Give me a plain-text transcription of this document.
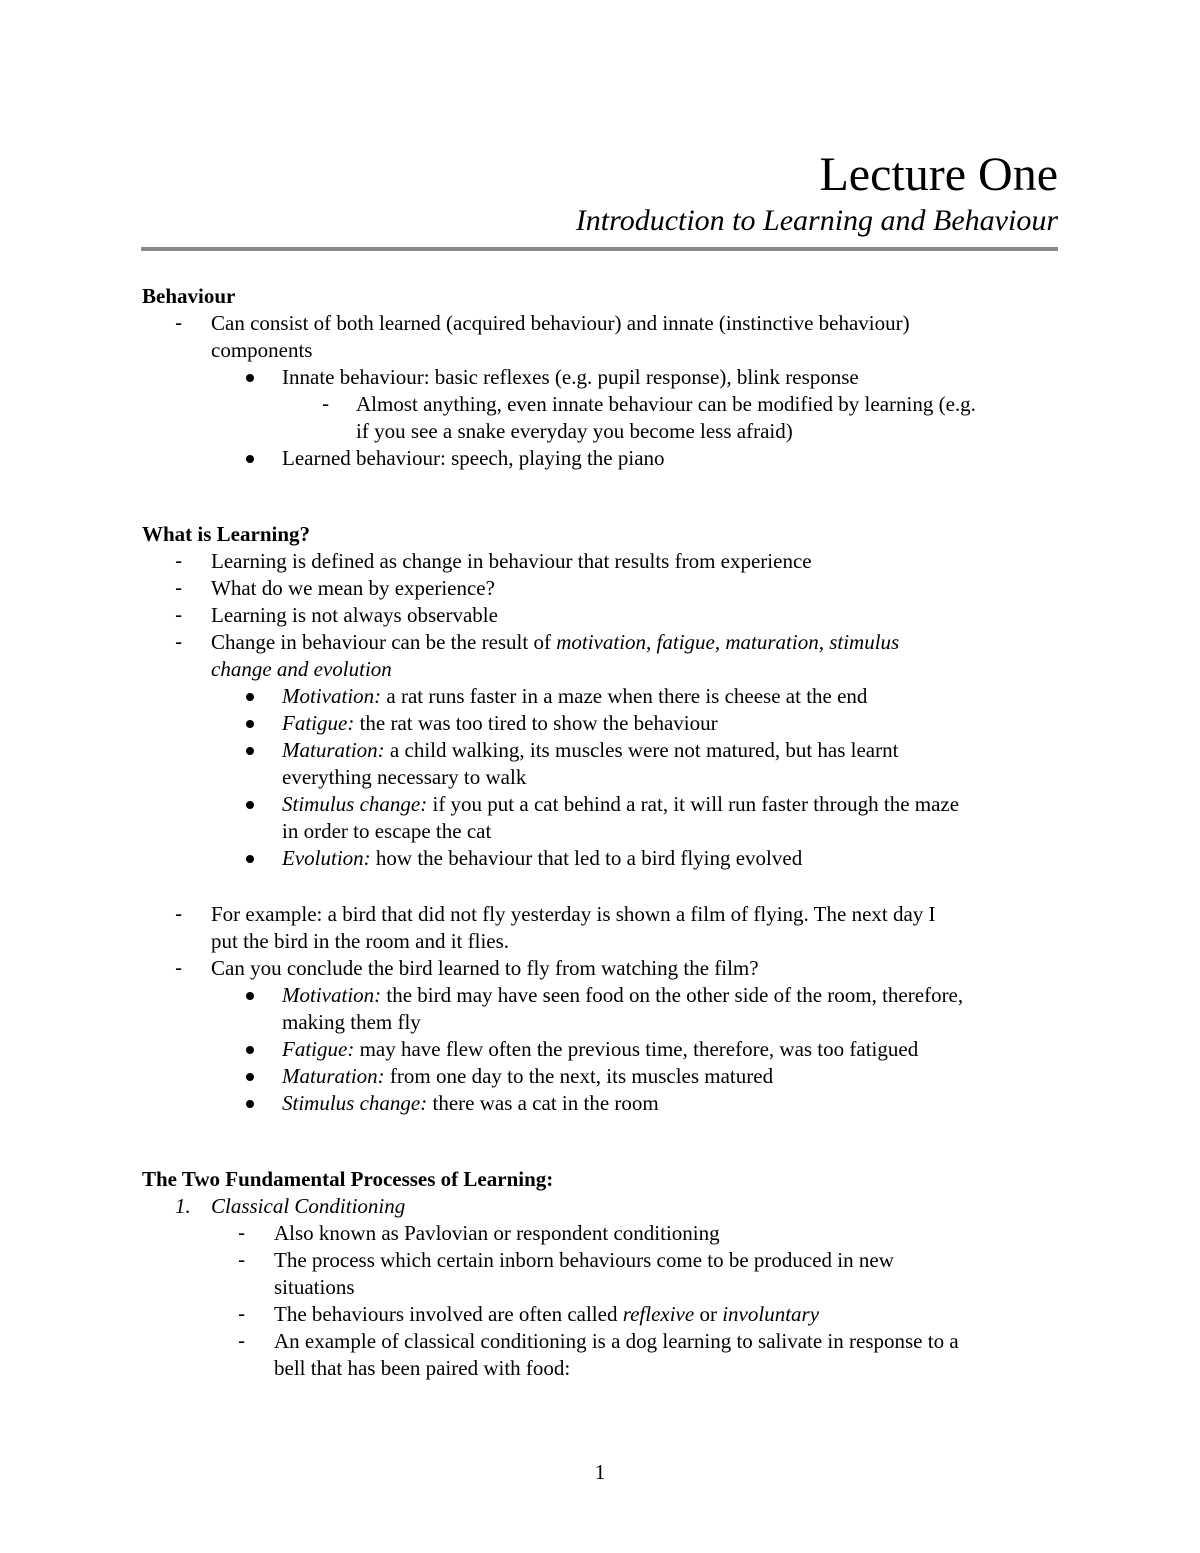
Lecture One
Introduction to Learning and Behaviour
Behaviour
- Can consist of both learned (acquired behaviour) and innate (instinctive behaviour)
components
Innate behaviour: basic reflexes (e.g. pupil response), blink response
- Almost anything, even innate behaviour can be modified by learning (e.g.
if you see a snake everyday you become less afraid)
Learned behaviour: speech, playing the piano
What is Learning?
- Learning is defined as change in behaviour that results from experience
- What do we mean by experience?
- Learning is not always observable
- Change in behaviour can be the result of motivation, fatigue, maturation, stimulus
change and evolution
Motivation: a rat runs faster in a maze when there is cheese at the end
Fatigue: the rat was too tired to show the behaviour
Maturation: a child walking, its muscles were not matured, but has learnt
everything necessary to walk
Stimulus change: if you put a cat behind a rat, it will run faster through the maze
in order to escape the cat
Evolution: how the behaviour that led to a bird flying evolved
- For example: a bird that did not fly yesterday is shown a film of flying. The next day I
put the bird in the room and it flies.
- Can you conclude the bird learned to fly from watching the film?
Motivation: the bird may have seen food on the other side of the room, therefore,
making them fly
Fatigue: may have flew often the previous time, therefore, was too fatigued
Maturation: from one day to the next, its muscles matured
Stimulus change: there was a cat in the room
The Two Fundamental Processes of Learning:
1. Classical Conditioning
- Also known as Pavlovian or respondent conditioning
- The process which certain inborn behaviours come to be produced in new
situations
- The behaviours involved are often called reflexive or involuntary
- An example of classical conditioning is a dog learning to salivate in response to a
bell that has been paired with food:
1
